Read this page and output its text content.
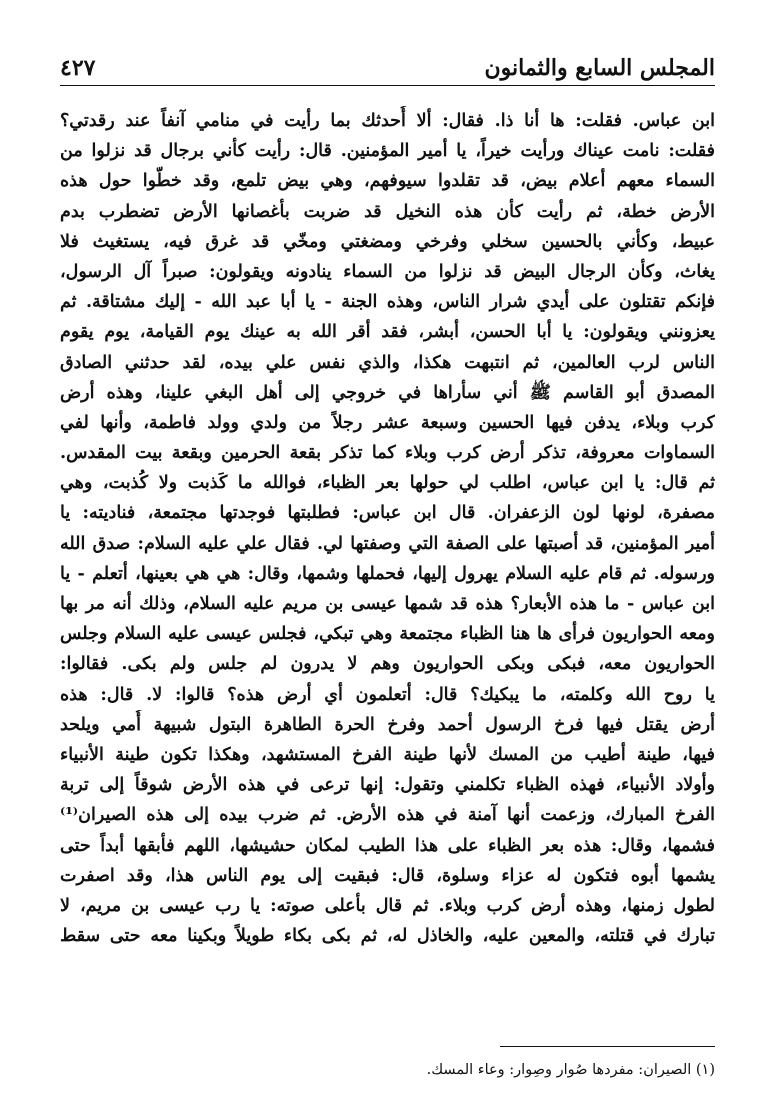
المجلس السابع والثمانون
٤٢٧
ابن عباس. فقلت: ها أنا ذا. فقال: ألا أُحدثك بما رأيت في منامي آنفاً عند رقدتي؟
فقلت: نامت عيناك ورأيت خيراً، يا أمير المؤمنين. قال: رأيت كأني برجال قد نزلوا من
السماء معهم أعلام بيض، قد تقلدوا سيوفهم، وهي بيض تلمع، وقد خطّوا حول هذه
الأرض خطة، ثم رأيت كأن هذه النخيل قد ضربت بأغصانها الأرض تضطرب بدم
عبيط، وكأني بالحسين سخلي وفرخي ومضغتي ومخّي قد غرق فيه، يستغيث فلا
يغاث، وكأن الرجال البيض قد نزلوا من السماء ينادونه ويقولون: صبراً آل الرسول،
فإنكم تقتلون على أيدي شرار الناس، وهذه الجنة - يا أبا عبد الله - إليك مشتاقة. ثم
يعزونني ويقولون: يا أبا الحسن، أبشر، فقد أقر الله به عينك يوم القيامة، يوم يقوم
الناس لرب العالمين، ثم انتبهت هكذا، والذي نفس علي بيده، لقد حدثني الصادق
المصدق أبو القاسم ﷺ أني سأراها في خروجي إلى أهل البغي علينا، وهذه أرض
كرب وبلاء، يدفن فيها الحسين وسبعة عشر رجلاً من ولدي وولد فاطمة، وأنها لفي
السماوات معروفة، تذكر أرض كرب وبلاء كما تذكر بقعة الحرمين وبقعة بيت المقدس.
ثم قال: يا ابن عباس، اطلب لي حولها بعر الظباء، فوالله ما كَذبت ولا كُذبت، وهي
مصفرة، لونها لون الزعفران. قال ابن عباس: فطلبتها فوجدتها مجتمعة، فناديته: يا
أمير المؤمنين، قد أصبتها على الصفة التي وصفتها لي. فقال علي عليه السلام: صدق الله
ورسوله. ثم قام عليه السلام يهرول إليها، فحملها وشمها، وقال: هي هي بعينها، أتعلم - يا
ابن عباس - ما هذه الأبعار؟ هذه قد شمها عيسى بن مريم عليه السلام، وذلك أنه مر بها
ومعه الحواريون فرأى ها هنا الظباء مجتمعة وهي تبكي، فجلس عيسى عليه السلام وجلس
الحواريون معه، فبكى وبكى الحواريون وهم لا يدرون لم جلس ولم بكى. فقالوا:
يا روح الله وكلمته، ما يبكيك؟ قال: أتعلمون أي أرض هذه؟ قالوا: لا. قال: هذه
أرض يقتل فيها فرخ الرسول أحمد وفرخ الحرة الطاهرة البتول شبيهة أُمي ويلحد
فيها، طينة أطيب من المسك لأنها طينة الفرخ المستشهد، وهكذا تكون طينة الأنبياء
وأولاد الأنبياء، فهذه الظباء تكلمني وتقول: إنها ترعى في هذه الأرض شوقاً إلى تربة
الفرخ المبارك، وزعمت أنها آمنة في هذه الأرض. ثم ضرب بيده إلى هذه الصيران⁽¹⁾
فشمها، وقال: هذه بعر الظباء على هذا الطيب لمكان حشيشها، اللهم فأبقها أبداً حتى
يشمها أبوه فتكون له عزاء وسلوة، قال: فبقيت إلى يوم الناس هذا، وقد اصفرت
لطول زمنها، وهذه أرض كرب وبلاء. ثم قال بأعلى صوته: يا رب عيسى بن مريم، لا
تبارك في قتلته، والمعين عليه، والخاذل له، ثم بكى بكاء طويلاً وبكينا معه حتى سقط
(١) الصيران: مفردها صُوار وصِوار: وعاء المسك.
